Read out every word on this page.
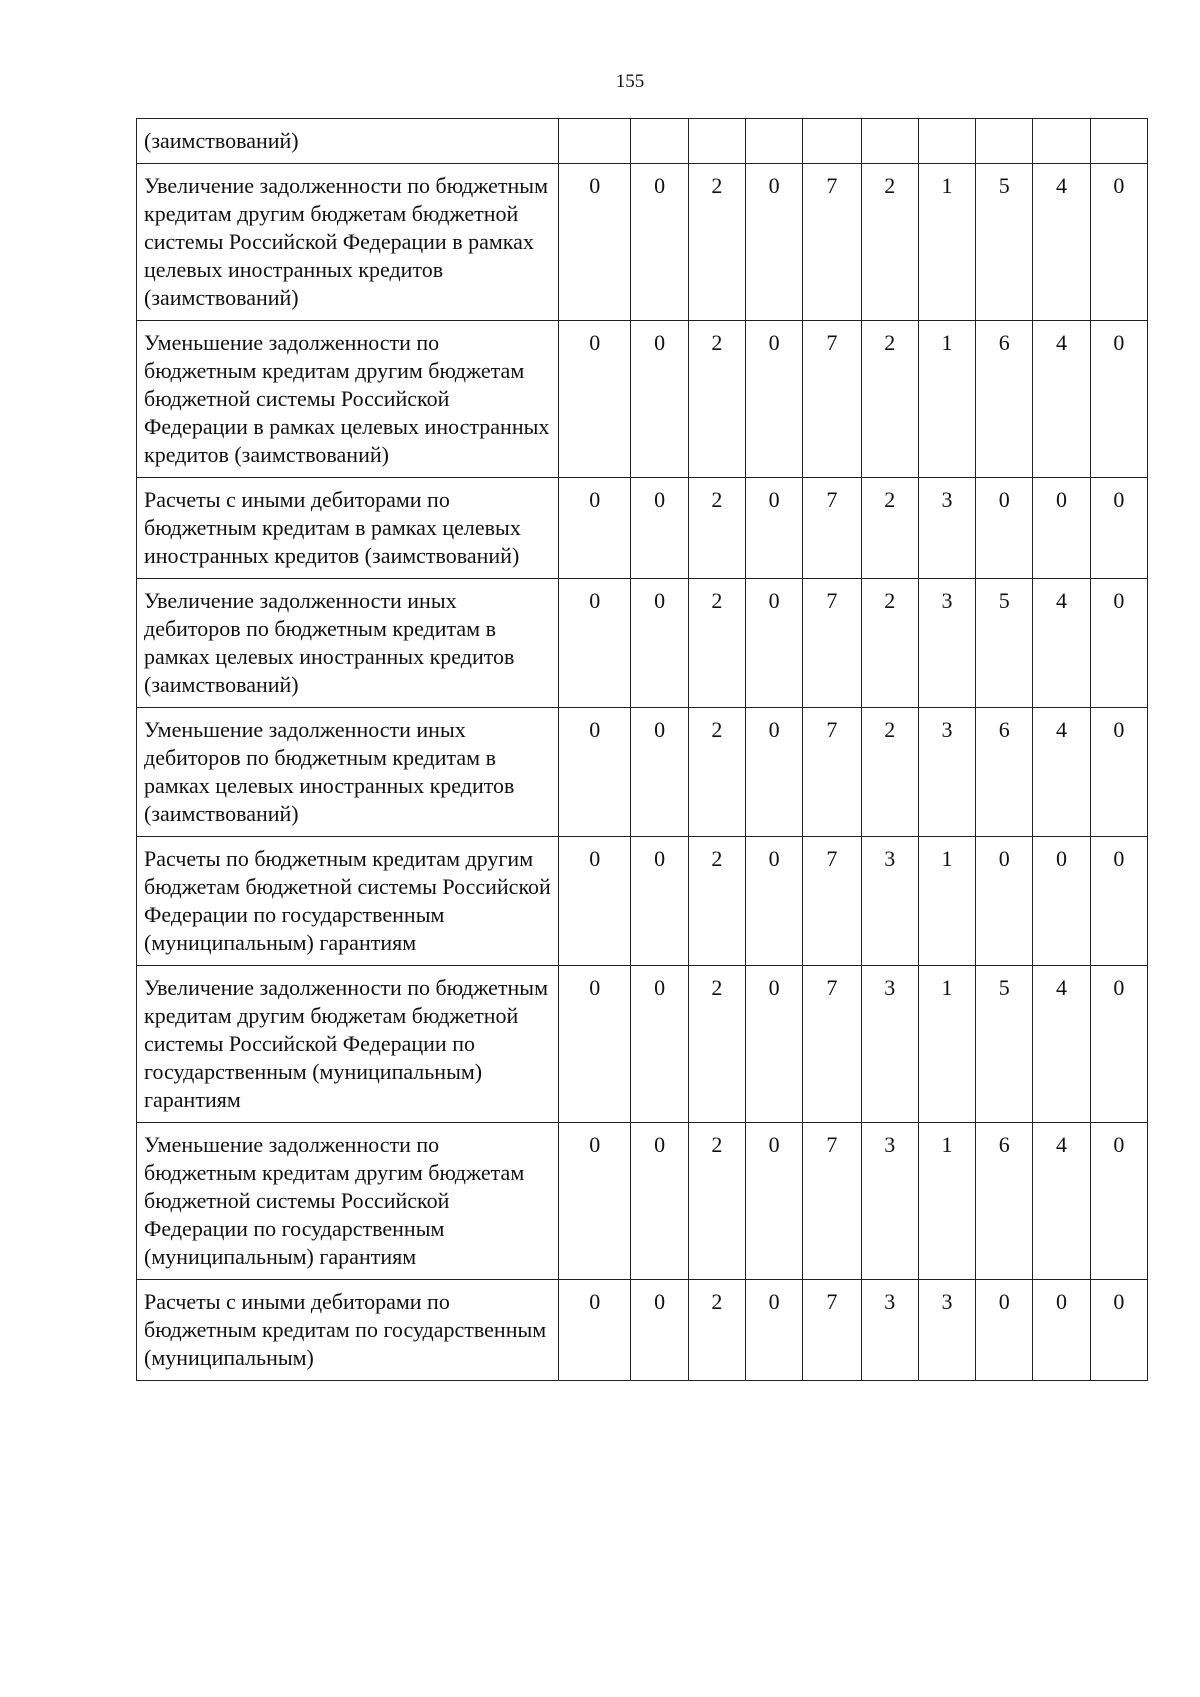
155
(заимствований)										

Увеличение задолженности по бюджетным кредитам другим бюджетам бюджетной системы Российской Федерации в рамках целевых иностранных кредитов (заимствований)	0	0	2	0	7	2	1	5	4	0

Уменьшение задолженности по бюджетным кредитам другим бюджетам бюджетной системы Российской Федерации в рамках целевых иностранных кредитов (заимствований)	0	0	2	0	7	2	1	6	4	0

Расчеты с иными дебиторами по бюджетным кредитам в рамках целевых иностранных кредитов (заимствований)	0	0	2	0	7	2	3	0	0	0

Увеличение задолженности иных дебиторов по бюджетным кредитам в рамках целевых иностранных кредитов (заимствований)	0	0	2	0	7	2	3	5	4	0

Уменьшение задолженности иных дебиторов по бюджетным кредитам в рамках целевых иностранных кредитов (заимствований)	0	0	2	0	7	2	3	6	4	0

Расчеты по бюджетным кредитам другим бюджетам бюджетной системы Российской Федерации по государственным (муниципальным) гарантиям	0	0	2	0	7	3	1	0	0	0

Увеличение задолженности по бюджетным кредитам другим бюджетам бюджетной системы Российской Федерации по государственным (муниципальным) гарантиям	0	0	2	0	7	3	1	5	4	0

Уменьшение задолженности по бюджетным кредитам другим бюджетам бюджетной системы Российской Федерации по государственным (муниципальным) гарантиям	0	0	2	0	7	3	1	6	4	0

Расчеты с иными дебиторами по бюджетным кредитам по государственным (муниципальным)	0	0	2	0	7	3	3	0	0	0
